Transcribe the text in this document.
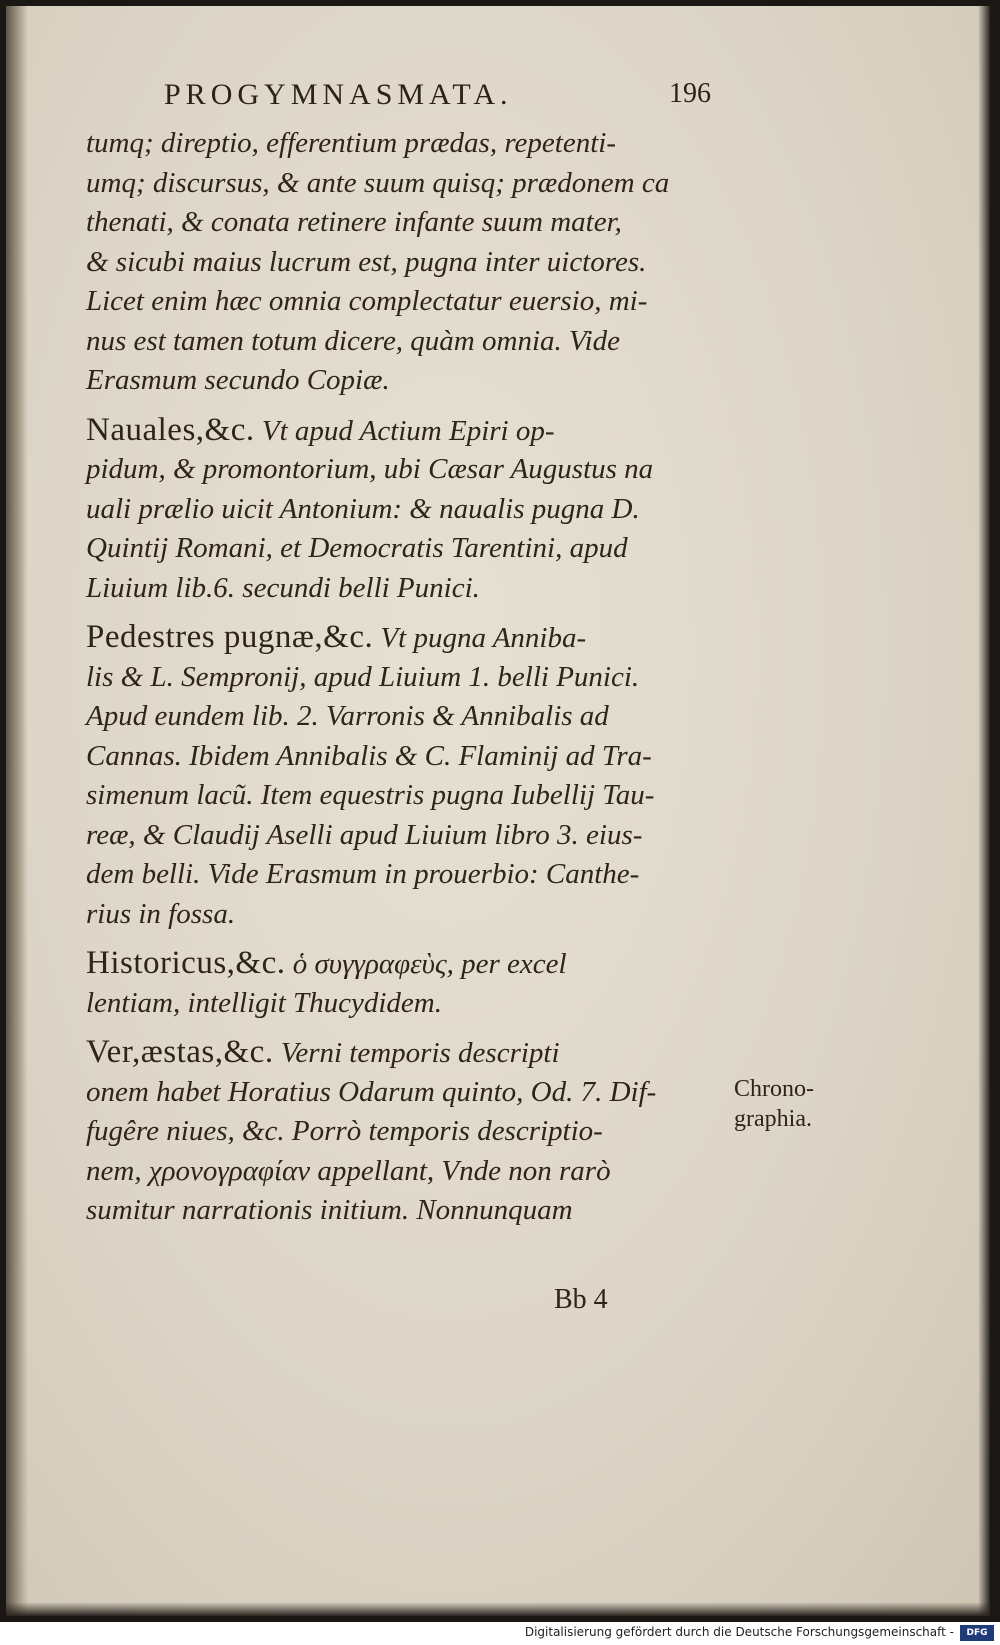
PROGYMNASMATA.	196
tumq; direptio, efferentium prædas, repetenti-
umq; discursus, & ante suum quisq; prædonem ca
thenati, & conata retinere infante suum mater,
& sicubi maius lucrum est, pugna inter uictores.
Licet enim hæc omnia complectatur euersio, mi-
nus est tamen totum dicere, quàm omnia. Vide
Erasmum secundo Copiæ.
Nauales,&c. Vt apud Actium Epiri op-
pidum, & promontorium, ubi Cæsar Augustus na
uali prælio uicit Antonium: & naualis pugna D.
Quintij Romani, et Democratis Tarentini, apud
Liuium lib.6. secundi belli Punici.
Pedestres pugnæ,&c. Vt pugna Anniba-
lis & L. Sempronij, apud Liuium 1. belli Punici.
Apud eundem lib. 2. Varronis & Annibalis ad
Cannas. Ibidem Annibalis & C. Flaminij ad Tra-
simenum lacũ. Item equestris pugna Iubellij Tau-
reæ, & Claudij Aselli apud Liuium libro 3. eius-
dem belli. Vide Erasmum in prouerbio: Canthe-
rius in fossa.
Historicus,&c. ὁ συγγραφεὺς, per excel
lentiam, intelligit Thucydidem.
Ver,æstas,&c. Verni temporis descripti
onem habet Horatius Odarum quinto, Od. 7. Dif-
fugêre niues, &c. Porrò temporis descriptio-
nem, χρονογραφίαν appellant, Vnde non rarò
sumitur narrationis initium. Nonnunquam
Chrono-
graphia.
Bb 4
Digitalisierung gefördert durch die Deutsche Forschungsgemeinschaft -	DFG
